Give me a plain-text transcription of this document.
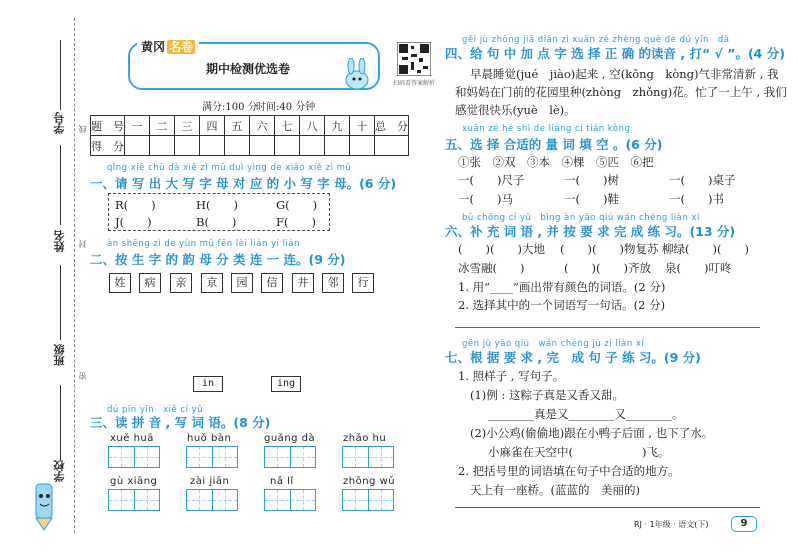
学号
姓名
班级
学校
线
封
密
黄冈 名卷
期中检测优选卷
扫码看答案解析
满分:100 分
时间:40 分钟
题　号	一	二	三	四	五	六	七	八	九	十	总　分
得　分											
qǐng xiě chū dà xiě zì mǔ duì yìng de xiǎo xiě zì mǔ
一、请 写 出 大 写 字 母 对 应 的 小 写 字 母。(6 分)
R(　　)	H(　　)	G(　　)
J(　　)	B(　　)	F(　　)
àn shēng zì de yùn mǔ fēn lèi lián yi lián
二、按 生 字 的 韵 母 分 类 连 一 连。(9 分)
姓	病	亲	京	园	信	井	邻	行
in	ing
dú pīn yīn　xiě cí yǔ
三、读 拼 音 , 写 词 语。(8 分)
xuě huā	huǒ bàn	guǎng dà	zhǎo hu
gù xiāng	zài jiān	nǎ lǐ	zhōng wǔ
gěi jù zhōng jiā diǎn zì xuǎn zé zhèng què de dú yīn　dǎ
四、给 句 中 加 点 字 选 择 正 确 的读音 , 打“ √ ”。(4 分)
早晨睡觉(jué　jiào)起来 , 空(kōng　kòng)气非常清新 , 我
和妈妈在门前的花园里种(zhòng　zhǒng)花。忙了一上午 , 我们
感觉很快乐(yuè　lè)。
xuǎn zé hé shì de liàng cí tián kòng
五、选 择 合适的 量 词 填 空 。(6 分)
①张　②双　③本　④棵　⑤匹　⑥把
一(　　)尺子	一(　　)树	一(　　)桌子
一(　　)马	一(　　)鞋	一(　　)书
bǔ chōng cí yǔ　bìng àn yāo qiú wán chéng liàn xí
六、补 充 词 语 , 并 按 要 求 完 成 练 习。(13 分)
(　　)(　　)大地 (　　)(　　)物复苏 柳绿(　　)(　　)
冰雪融(　　)	(　　)(　　)齐放 泉(　　)叮咚
1. 用“____”画出带有颜色的词语。(2 分)
2. 选择其中的一个词语写一句话。(2 分)
gēn jù yāo qiú　wán chéng jù zi liàn xí
七、根 据 要 求 , 完　成 句 子 练 习。(9 分)
1. 照样子 , 写句子。
(1)例 : 这粽子真是又香又甜。
________真是又________又________。
(2)小公鸡(偷偷地)跟在小鸭子后面 , 也下了水。
小麻雀在天空中(　　　　　　)飞。
2. 把括号里的词语填在句子中合适的地方。
天上有一座桥。(蓝蓝的　美丽的)
RJ · 1年级 · 语文(下)	9
